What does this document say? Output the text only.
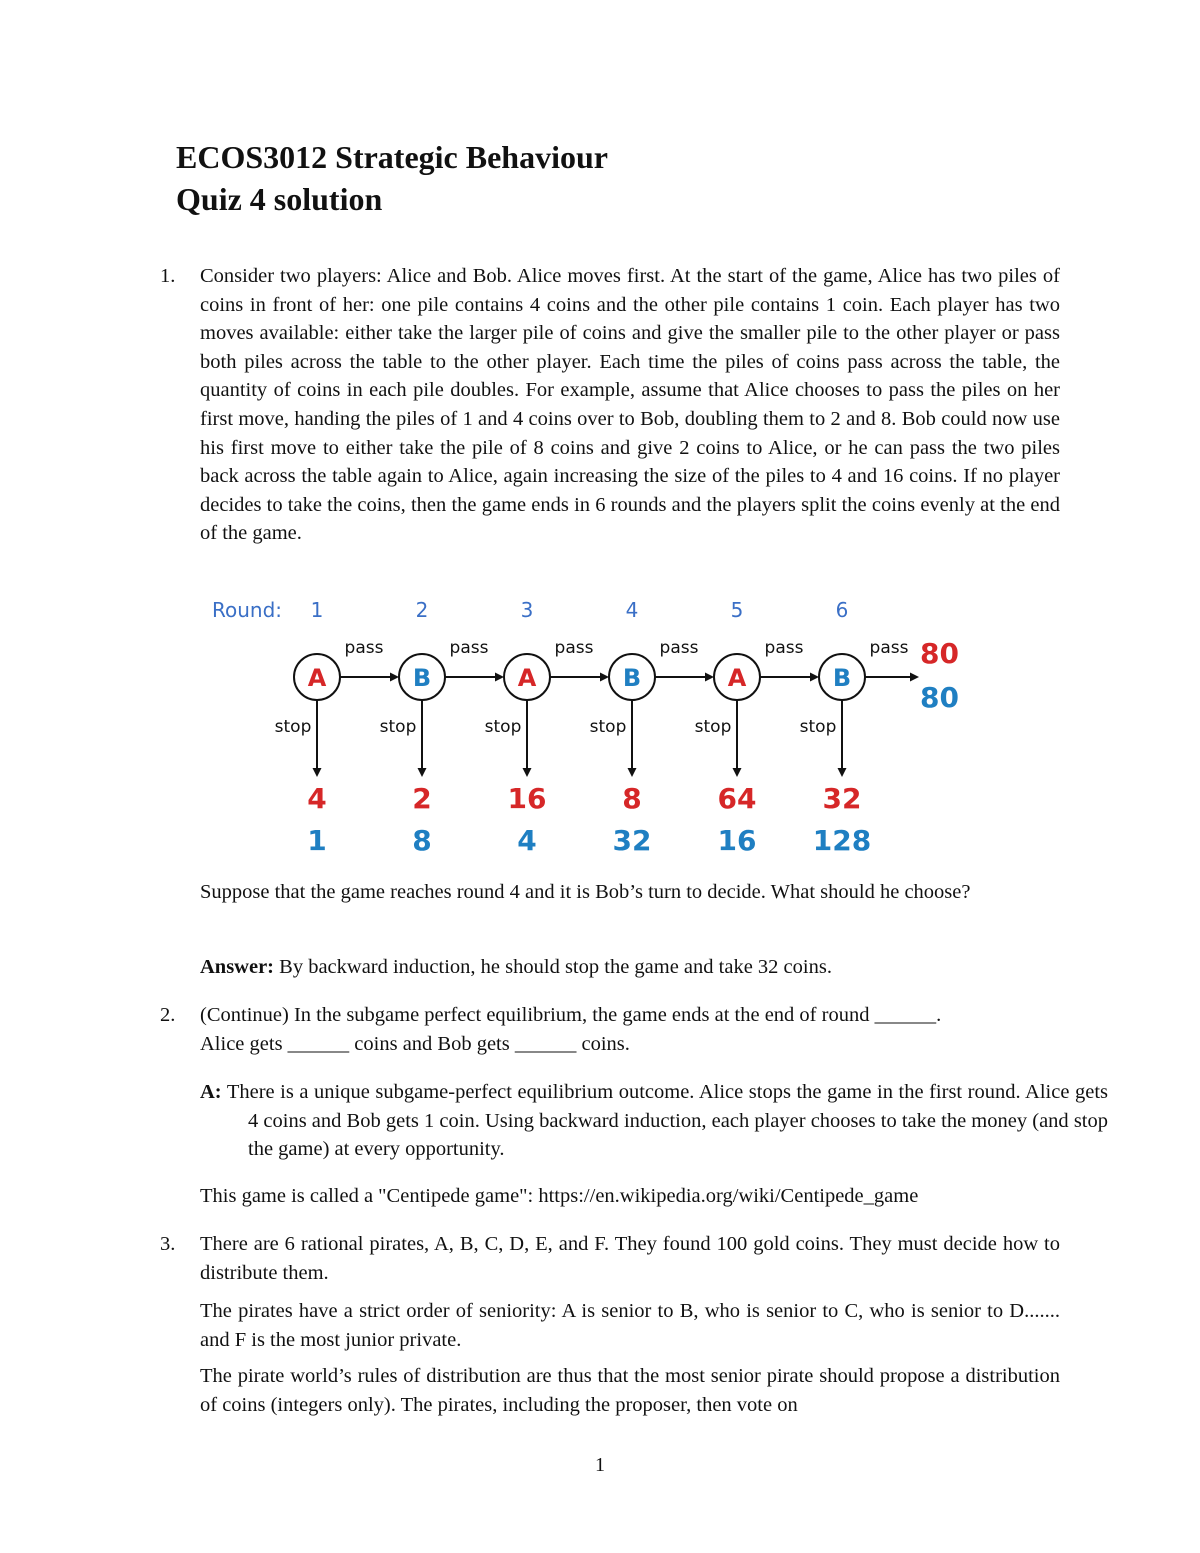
ECOS3012 Strategic Behaviour
Quiz 4 solution
1. Consider two players: Alice and Bob. Alice moves first. At the start of the game, Alice has two piles of coins in front of her: one pile contains 4 coins and the other pile contains 1 coin. Each player has two moves available: either take the larger pile of coins and give the smaller pile to the other player or pass both piles across the table to the other player. Each time the piles of coins pass across the table, the quantity of coins in each pile doubles. For example, assume that Alice chooses to pass the piles on her first move, handing the piles of 1 and 4 coins over to Bob, doubling them to 2 and 8. Bob could now use his first move to either take the pile of 8 coins and give 2 coins to Alice, or he can pass the two piles back across the table again to Alice, again increasing the size of the piles to 4 and 16 coins. If no player decides to take the coins, then the game ends in 6 rounds and the players split the coins evenly at the end of the game.
Round: 1
pass
stop
A
4
1
2
pass
stop
B
2
8
3
pass
stop
A
16
4
4
pass
stop
B
8
32
5
pass
stop
A
64
16
6
pass
stop
B
32
128
80
80
Suppose that the game reaches round 4 and it is Bob’s turn to decide. What should he choose?
Answer: By backward induction, he should stop the game and take 32 coins.
2. (Continue) In the subgame perfect equilibrium, the game ends at the end of round ______.
Alice gets ______ coins and Bob gets ______ coins.
A: There is a unique subgame-perfect equilibrium outcome. Alice stops the game in the first round. Alice gets 4 coins and Bob gets 1 coin. Using backward induction, each player chooses to take the money (and stop the game) at every opportunity.
This game is called a "Centipede game": https://en.wikipedia.org/wiki/Centipede_game
3. There are 6 rational pirates, A, B, C, D, E, and F. They found 100 gold coins. They must decide how to distribute them.
The pirates have a strict order of seniority: A is senior to B, who is senior to C, who is senior to D....... and F is the most junior private.
The pirate world’s rules of distribution are thus that the most senior pirate should propose a distribution of coins (integers only). The pirates, including the proposer, then vote on
1
